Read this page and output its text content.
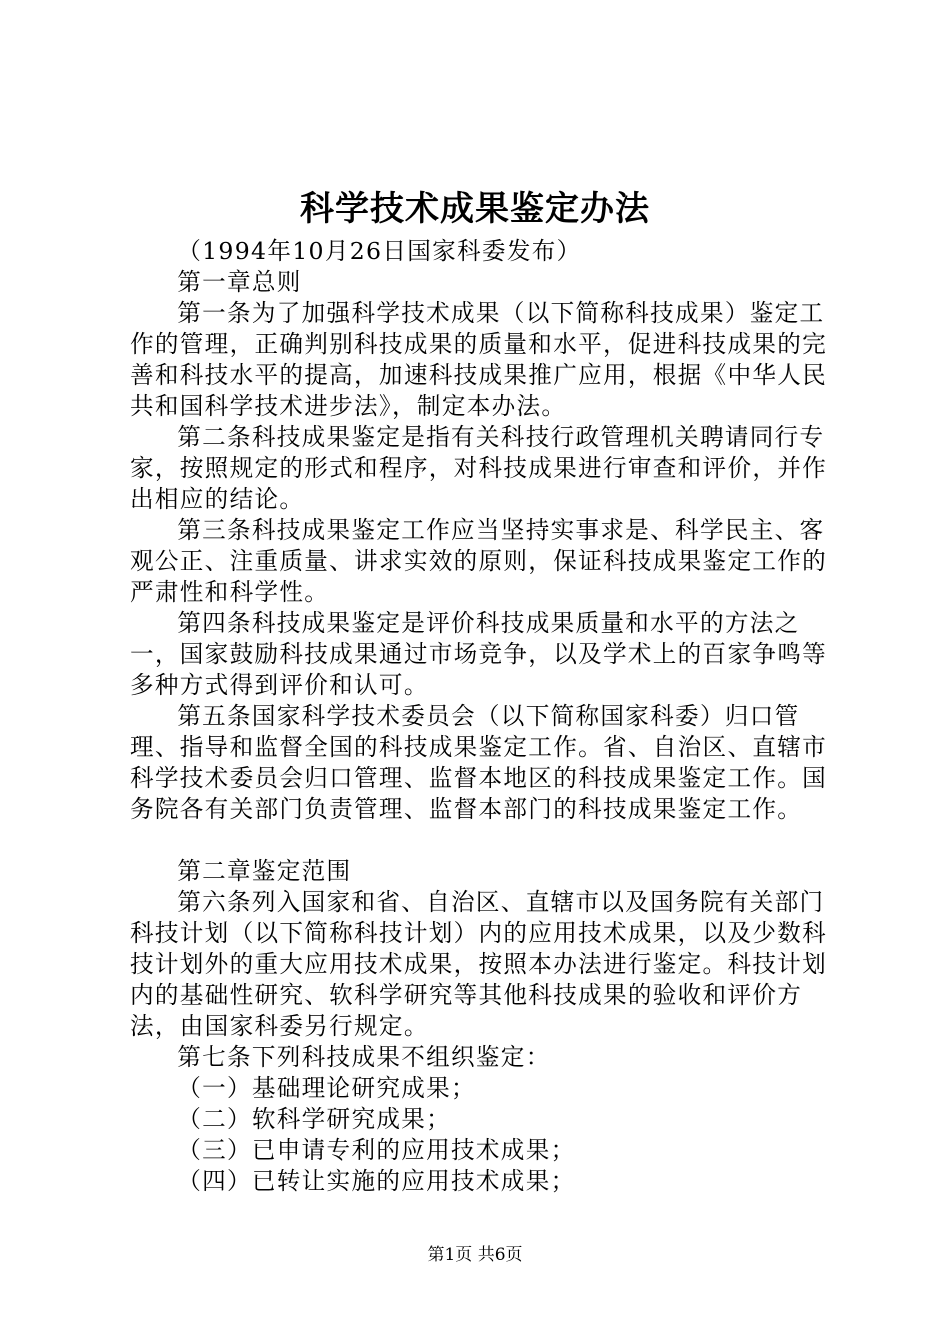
科学技术成果鉴定办法

（1994年10月26日国家科委发布）

第一章总则

第一条为了加强科学技术成果（以下简称科技成果）鉴定工作的管理，正确判别科技成果的质量和水平，促进科技成果的完善和科技水平的提高，加速科技成果推广应用，根据《中华人民共和国科学技术进步法》，制定本办法。

第二条科技成果鉴定是指有关科技行政管理机关聘请同行专家，按照规定的形式和程序，对科技成果进行审查和评价，并作出相应的结论。

第三条科技成果鉴定工作应当坚持实事求是、科学民主、客观公正、注重质量、讲求实效的原则，保证科技成果鉴定工作的严肃性和科学性。

第四条科技成果鉴定是评价科技成果质量和水平的方法之一，国家鼓励科技成果通过市场竞争，以及学术上的百家争鸣等多种方式得到评价和认可。

第五条国家科学技术委员会（以下简称国家科委）归口管理、指导和监督全国的科技成果鉴定工作。省、自治区、直辖市科学技术委员会归口管理、监督本地区的科技成果鉴定工作。国务院各有关部门负责管理、监督本部门的科技成果鉴定工作。

第二章鉴定范围

第六条列入国家和省、自治区、直辖市以及国务院有关部门科技计划（以下简称科技计划）内的应用技术成果，以及少数科技计划外的重大应用技术成果，按照本办法进行鉴定。科技计划内的基础性研究、软科学研究等其他科技成果的验收和评价方法，由国家科委另行规定。

第七条下列科技成果不组织鉴定：

（一）基础理论研究成果；

（二）软科学研究成果；

（三）已申请专利的应用技术成果；

（四）已转让实施的应用技术成果；

第1页 共6页
